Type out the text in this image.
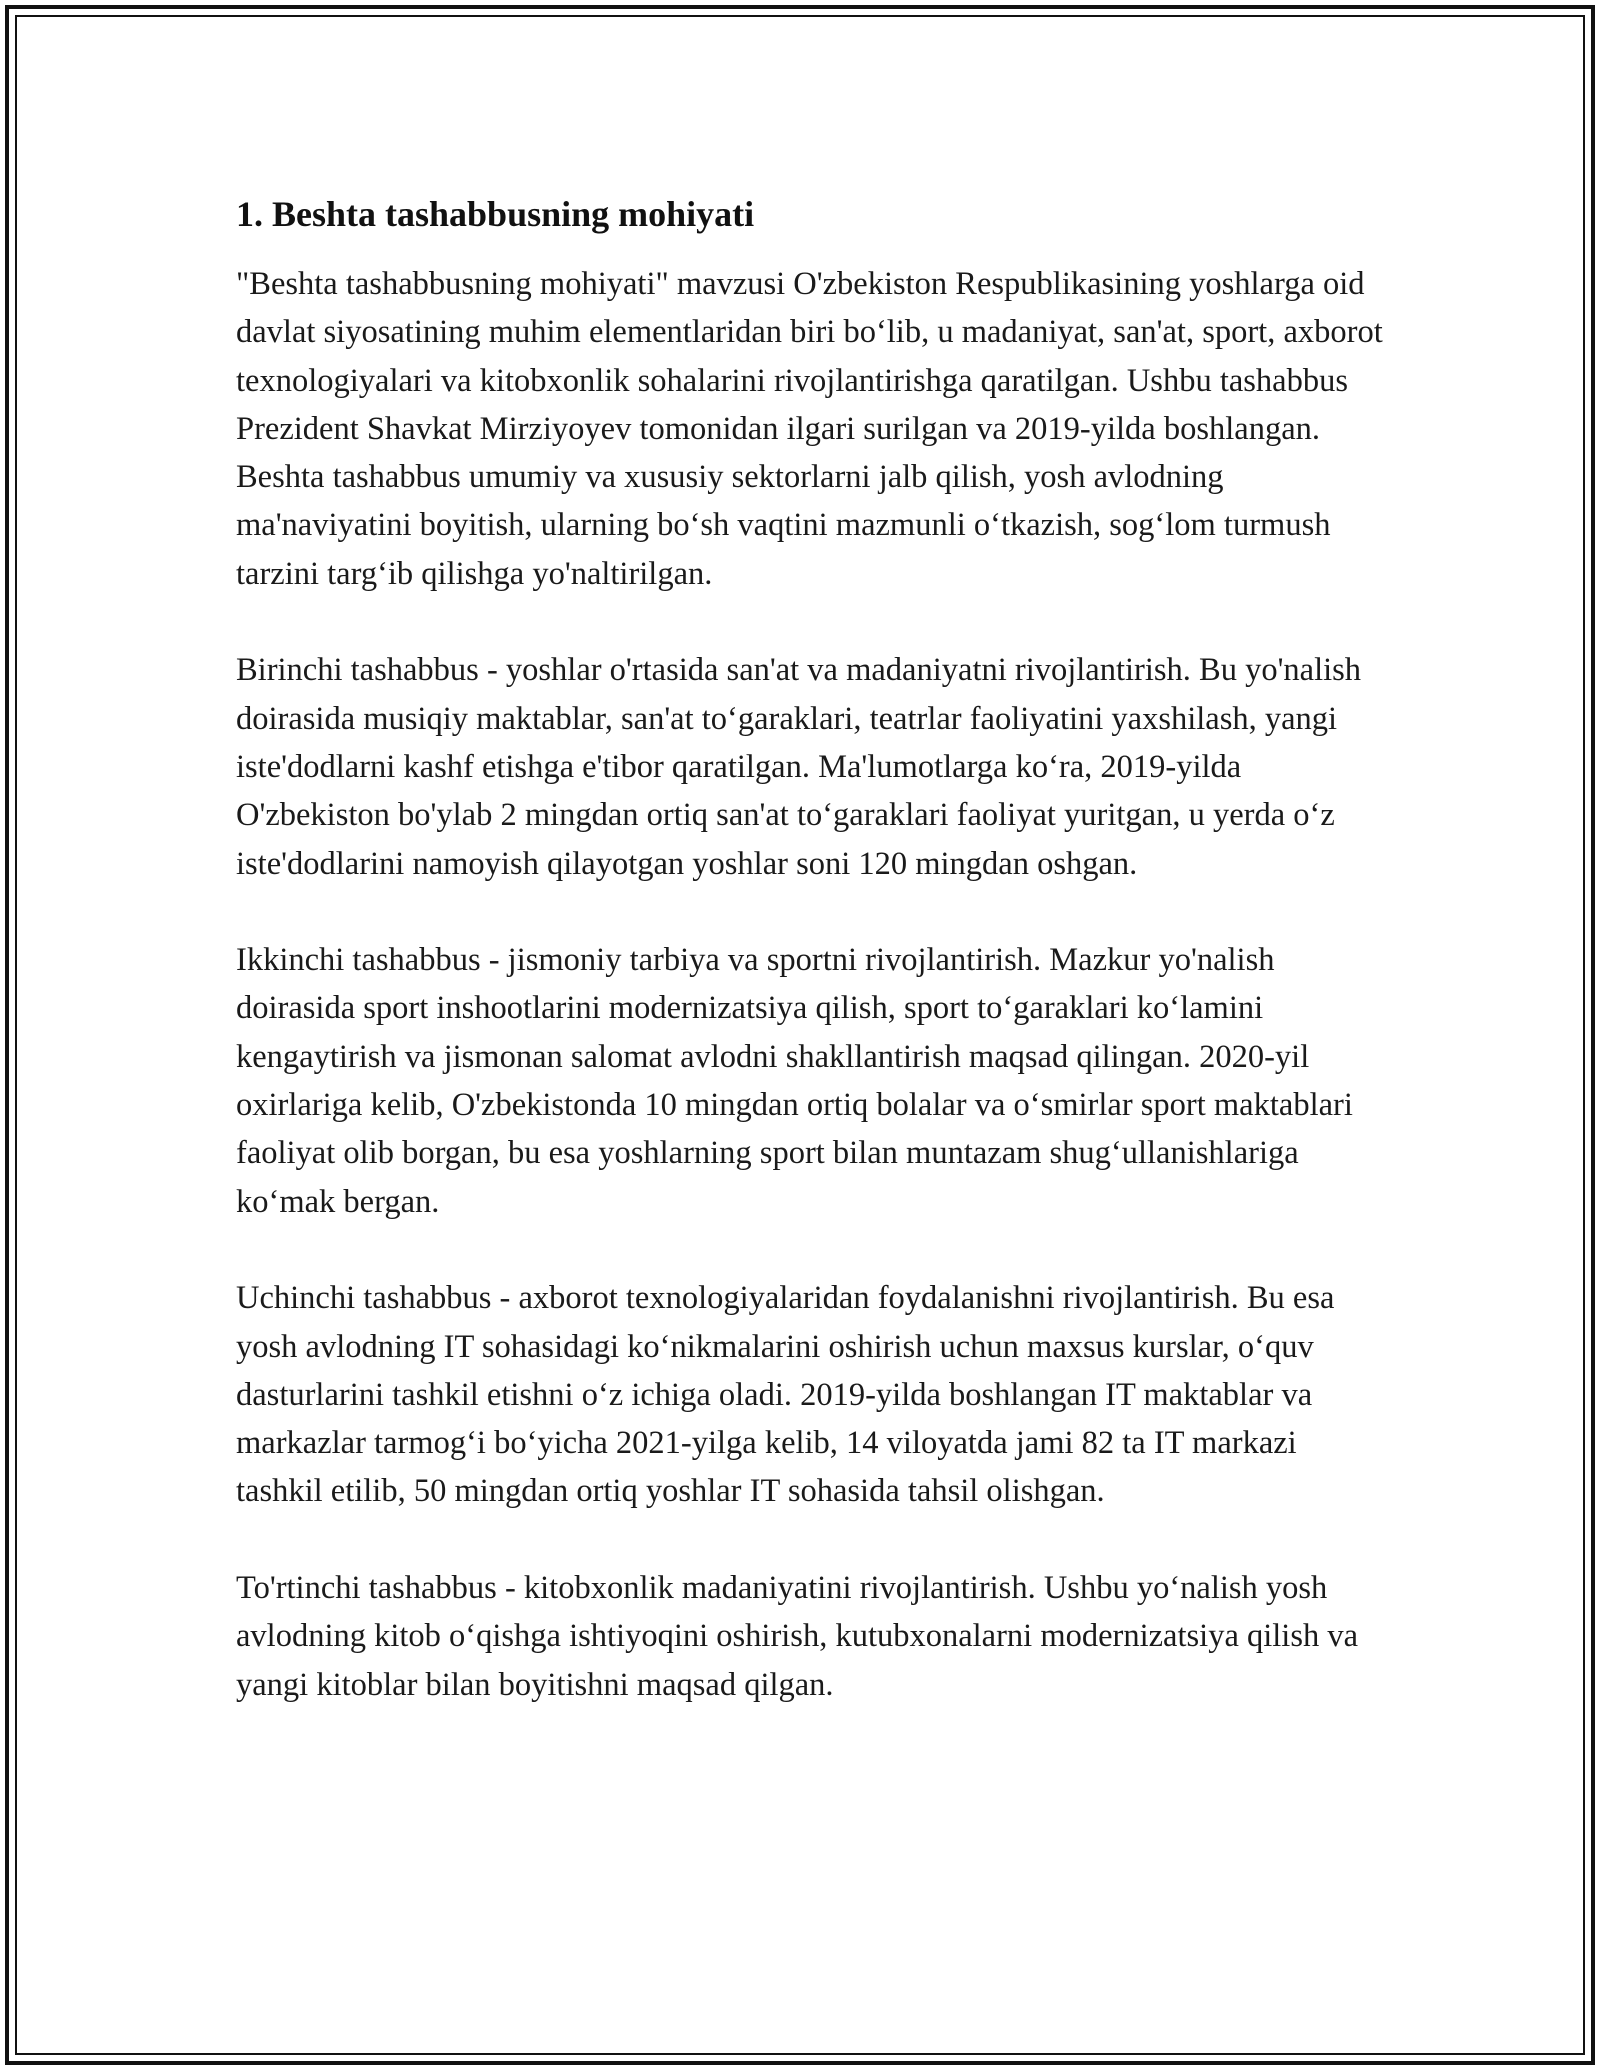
1. Beshta tashabbusning mohiyati

"Beshta tashabbusning mohiyati" mavzusi O'zbekiston Respublikasining yoshlarga oid davlat siyosatining muhim elementlaridan biri boʻlib, u madaniyat, san'at, sport, axborot texnologiyalari va kitobxonlik sohalarini rivojlantirishga qaratilgan. Ushbu tashabbus Prezident Shavkat Mirziyoyev tomonidan ilgari surilgan va 2019-yilda boshlangan. Beshta tashabbus umumiy va xususiy sektorlarni jalb qilish, yosh avlodning ma'naviyatini boyitish, ularning boʻsh vaqtini mazmunli oʻtkazish, sogʻlom turmush tarzini targʻib qilishga yo'naltirilgan.

Birinchi tashabbus - yoshlar o'rtasida san'at va madaniyatni rivojlantirish. Bu yo'nalish doirasida musiqiy maktablar, san'at toʻgaraklari, teatrlar faoliyatini yaxshilash, yangi iste'dodlarni kashf etishga e'tibor qaratilgan. Ma'lumotlarga koʻra, 2019-yilda O'zbekiston bo'ylab 2 mingdan ortiq san'at toʻgaraklari faoliyat yuritgan, u yerda oʻz iste'dodlarini namoyish qilayotgan yoshlar soni 120 mingdan oshgan.

Ikkinchi tashabbus - jismoniy tarbiya va sportni rivojlantirish. Mazkur yo'nalish doirasida sport inshootlarini modernizatsiya qilish, sport toʻgaraklari koʻlamini kengaytirish va jismonan salomat avlodni shakllantirish maqsad qilingan. 2020-yil oxirlariga kelib, O'zbekistonda 10 mingdan ortiq bolalar va oʻsmirlar sport maktablari faoliyat olib borgan, bu esa yoshlarning sport bilan muntazam shugʻullanishlariga koʻmak bergan.

Uchinchi tashabbus - axborot texnologiyalaridan foydalanishni rivojlantirish. Bu esa yosh avlodning IT sohasidagi koʻnikmalarini oshirish uchun maxsus kurslar, oʻquv dasturlarini tashkil etishni oʻz ichiga oladi. 2019-yilda boshlangan IT maktablar va markazlar tarmogʻi boʻyicha 2021-yilga kelib, 14 viloyatda jami 82 ta IT markazi tashkil etilib, 50 mingdan ortiq yoshlar IT sohasida tahsil olishgan.

To'rtinchi tashabbus - kitobxonlik madaniyatini rivojlantirish. Ushbu yoʻnalish yosh avlodning kitob oʻqishga ishtiyoqini oshirish, kutubxonalarni modernizatsiya qilish va yangi kitoblar bilan boyitishni maqsad qilgan.
